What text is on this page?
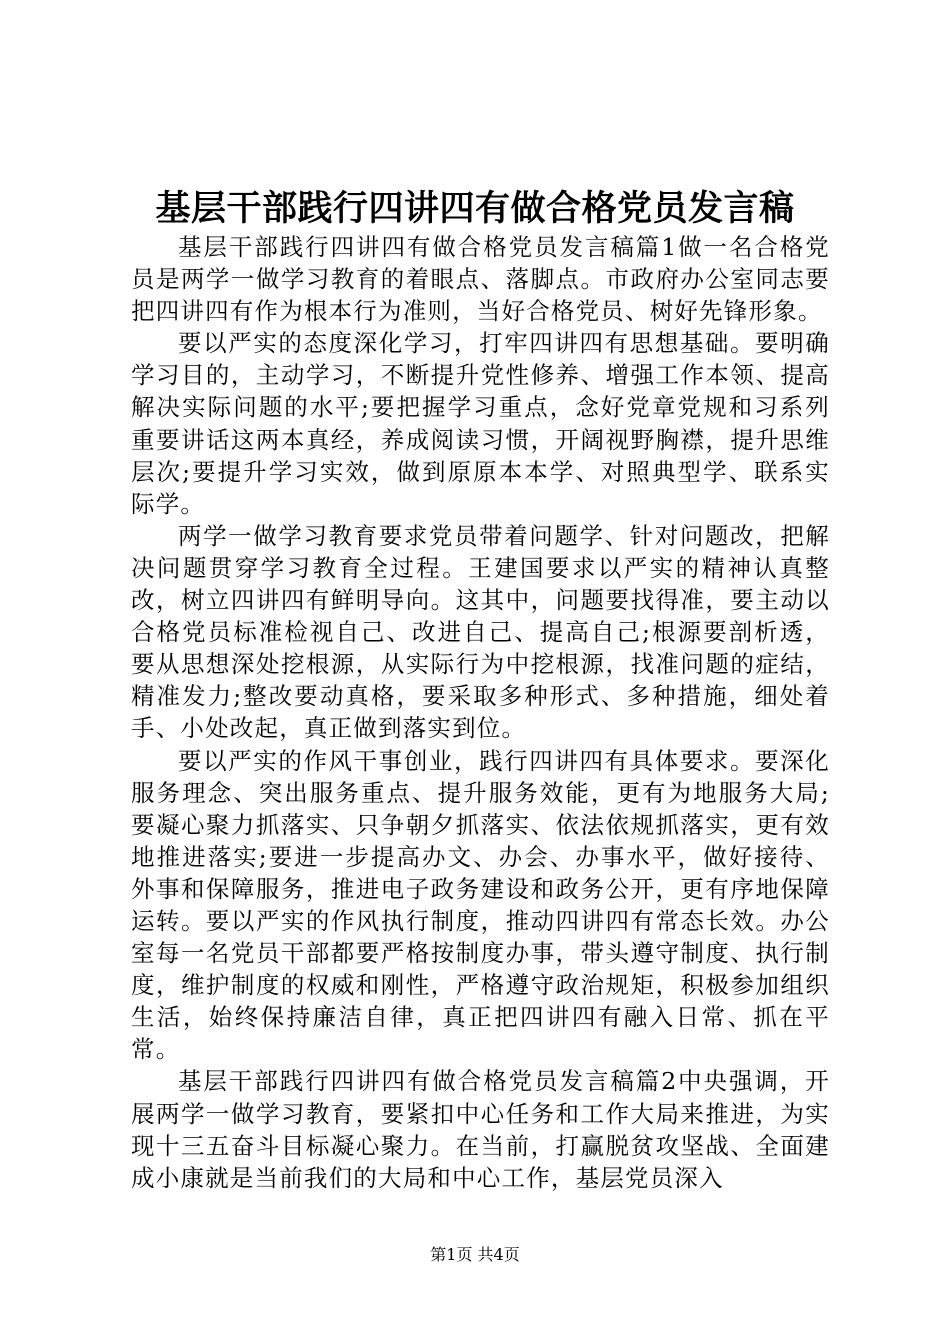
基层干部践行四讲四有做合格党员发言稿

基层干部践行四讲四有做合格党员发言稿篇1做一名合格党员是两学一做学习教育的着眼点、落脚点。市政府办公室同志要把四讲四有作为根本行为准则，当好合格党员、树好先锋形象。

要以严实的态度深化学习，打牢四讲四有思想基础。要明确学习目的，主动学习，不断提升党性修养、增强工作本领、提高解决实际问题的水平;要把握学习重点，念好党章党规和习系列重要讲话这两本真经，养成阅读习惯，开阔视野胸襟，提升思维层次;要提升学习实效，做到原原本本学、对照典型学、联系实际学。

两学一做学习教育要求党员带着问题学、针对问题改，把解决问题贯穿学习教育全过程。王建国要求以严实的精神认真整改，树立四讲四有鲜明导向。这其中，问题要找得准，要主动以合格党员标准检视自己、改进自己、提高自己;根源要剖析透，要从思想深处挖根源，从实际行为中挖根源，找准问题的症结，精准发力;整改要动真格，要采取多种形式、多种措施，细处着手、小处改起，真正做到落实到位。

要以严实的作风干事创业，践行四讲四有具体要求。要深化服务理念、突出服务重点、提升服务效能，更有为地服务大局;要凝心聚力抓落实、只争朝夕抓落实、依法依规抓落实，更有效地推进落实;要进一步提高办文、办会、办事水平，做好接待、外事和保障服务，推进电子政务建设和政务公开，更有序地保障运转。要以严实的作风执行制度，推动四讲四有常态长效。办公室每一名党员干部都要严格按制度办事，带头遵守制度、执行制度，维护制度的权威和刚性，严格遵守政治规矩，积极参加组织生活，始终保持廉洁自律，真正把四讲四有融入日常、抓在平常。

基层干部践行四讲四有做合格党员发言稿篇2中央强调，开展两学一做学习教育，要紧扣中心任务和工作大局来推进，为实现十三五奋斗目标凝心聚力。在当前，打赢脱贫攻坚战、全面建成小康就是当前我们的大局和中心工作，基层党员深入

第1页 共4页
